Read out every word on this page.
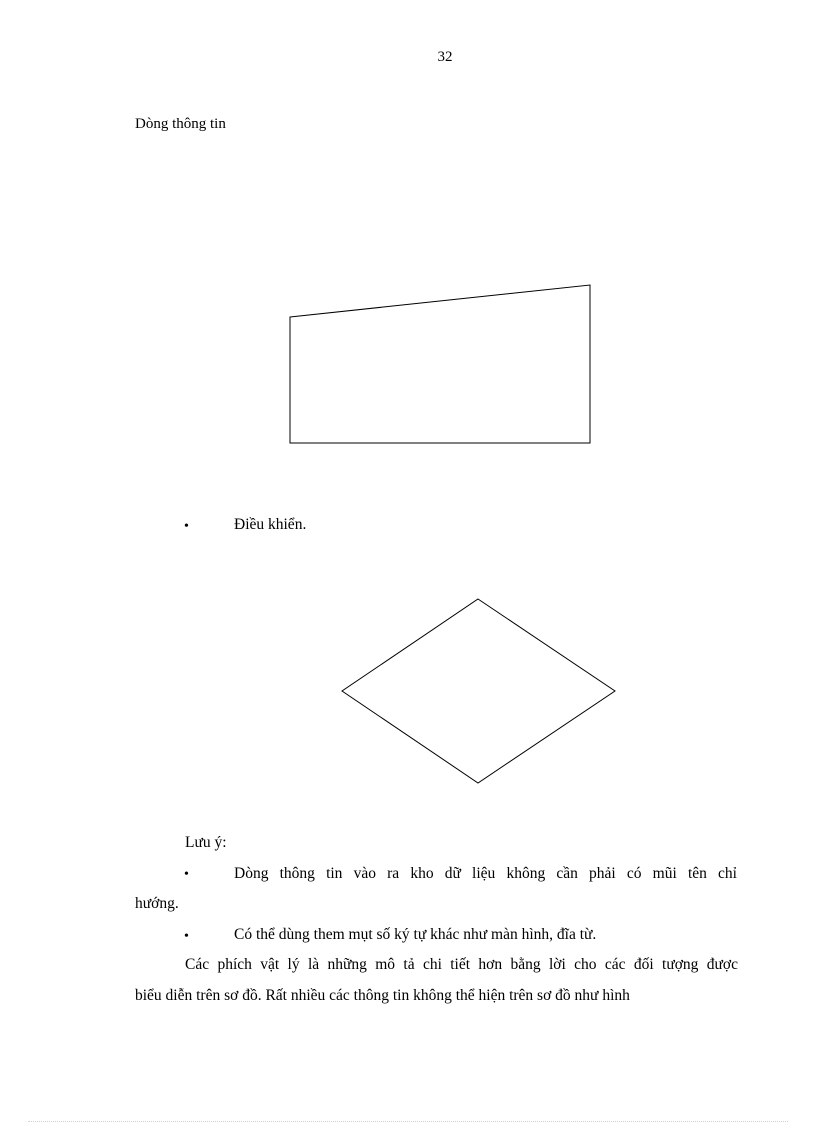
32
Dòng thông tin
•	Điều khiển.
Lưu ý:
•	Dòng thông tin vào ra kho dữ liệu không cần phải có mũi tên chỉ
hướng.
•	Có thể dùng them mụt số ký tự khác như màn hình, đĩa từ.
Các phích vật lý là những mô tả chi tiết hơn bằng lời cho các đối tượng được
biểu diễn trên sơ đồ. Rất nhiều các thông tin không thể hiện trên sơ đồ như hình
